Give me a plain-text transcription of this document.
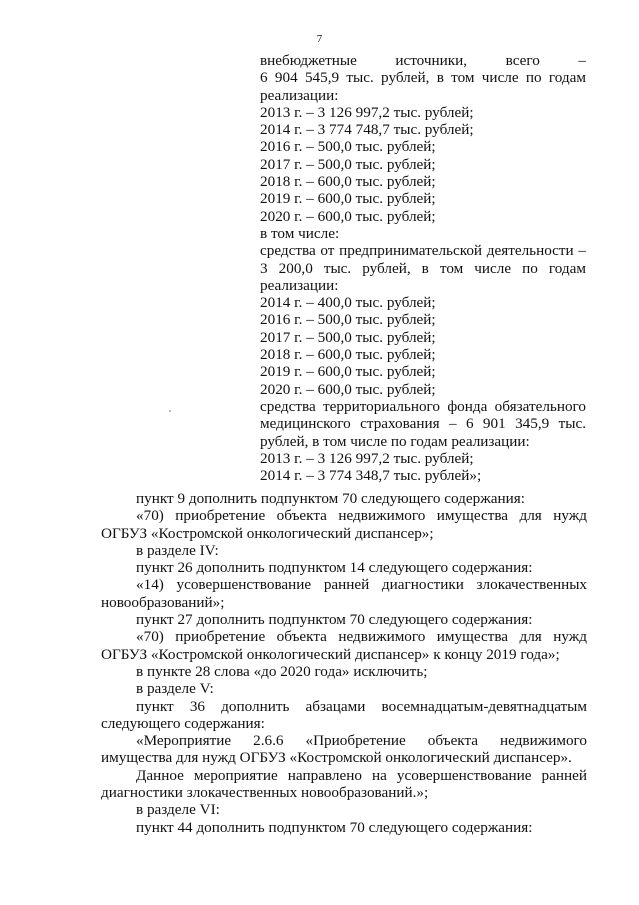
7

внебюджетные источники, всего –

6 904 545,9 тыс. рублей, в том числе по годам

реализации:

2013 г. – 3 126 997,2 тыс. рублей;

2014 г. – 3 774 748,7 тыс. рублей;

2016 г. – 500,0 тыс. рублей;

2017 г. – 500,0 тыс. рублей;

2018 г. – 600,0 тыс. рублей;

2019 г. – 600,0 тыс. рублей;

2020 г. – 600,0 тыс. рублей;

в том числе:

средства от предпринимательской деятельности –

3 200,0 тыс. рублей, в том числе по годам

реализации:

2014 г. – 400,0 тыс. рублей;

2016 г. – 500,0 тыс. рублей;

2017 г. – 500,0 тыс. рублей;

2018 г. – 600,0 тыс. рублей;

2019 г. – 600,0 тыс. рублей;

2020 г. – 600,0 тыс. рублей;

средства территориального фонда обязательного

медицинского страхования – 6 901 345,9 тыс.

рублей, в том числе по годам реализации:

2013 г. – 3 126 997,2 тыс. рублей;

2014 г. – 3 774 348,7 тыс. рублей»;

пункт 9 дополнить подпунктом 70 следующего содержания:

«70) приобретение объекта недвижимого имущества для нужд ОГБУЗ «Костромской онкологический диспансер»;

в разделе IV:

пункт 26 дополнить подпунктом 14 следующего содержания:

«14) усовершенствование ранней диагностики злокачественных новообразований»;

пункт 27 дополнить подпунктом 70 следующего содержания:

«70) приобретение объекта недвижимого имущества для нужд ОГБУЗ «Костромской онкологический диспансер» к концу 2019 года»;

в пункте 28 слова «до 2020 года» исключить;

в разделе V:

пункт 36 дополнить абзацами восемнадцатым-девятнадцатым следующего содержания:

«Мероприятие 2.6.6 «Приобретение объекта недвижимого имущества для нужд ОГБУЗ «Костромской онкологический диспансер».

Данное мероприятие направлено на усовершенствование ранней диагностики злокачественных новообразований.»;

в разделе VI:

пункт 44 дополнить подпунктом 70 следующего содержания:
